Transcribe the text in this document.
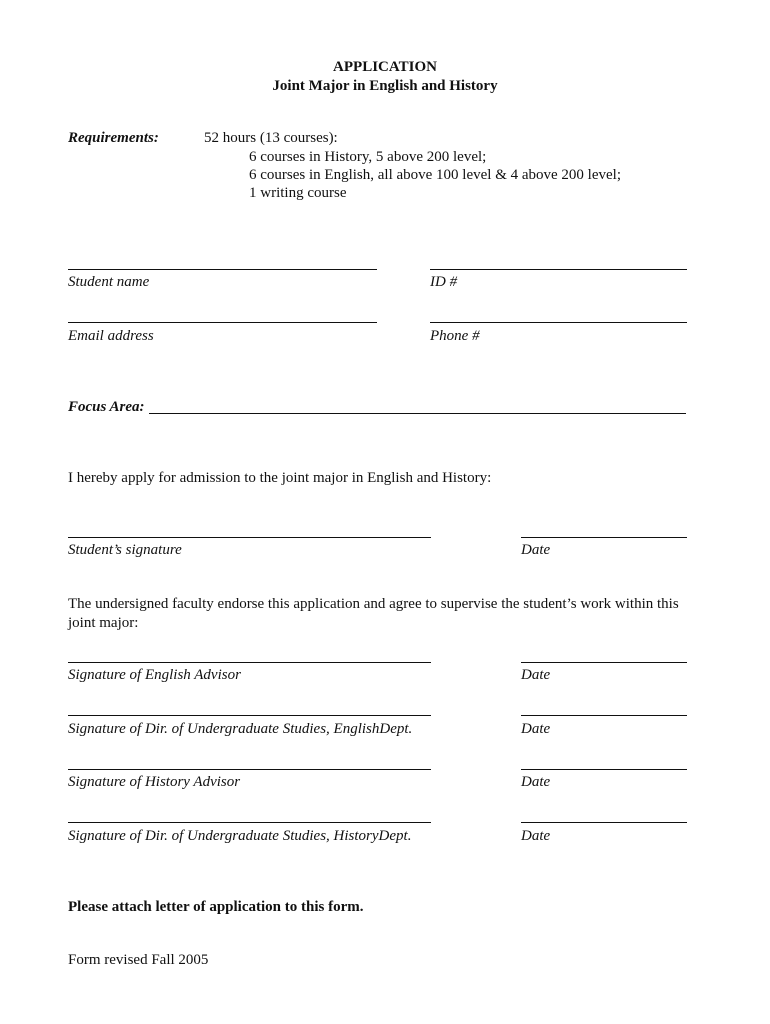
APPLICATION
Joint Major in English and History
Requirements:	52 hours (13 courses):
6 courses in History, 5 above 200 level;
6 courses in English, all above 100 level & 4 above 200 level;
1 writing course
Student name	ID #
Email address	Phone #
Focus Area:
I hereby apply for admission to the joint major in English and History:
Student’s signature	Date
The undersigned faculty endorse this application and agree to supervise the student’s work within this joint major:
Signature of English Advisor	Date
Signature of Dir. of Undergraduate Studies, EnglishDept.	Date
Signature of History Advisor	Date
Signature of Dir. of Undergraduate Studies, HistoryDept.	Date
Please attach letter of application to this form.
Form revised Fall 2005
